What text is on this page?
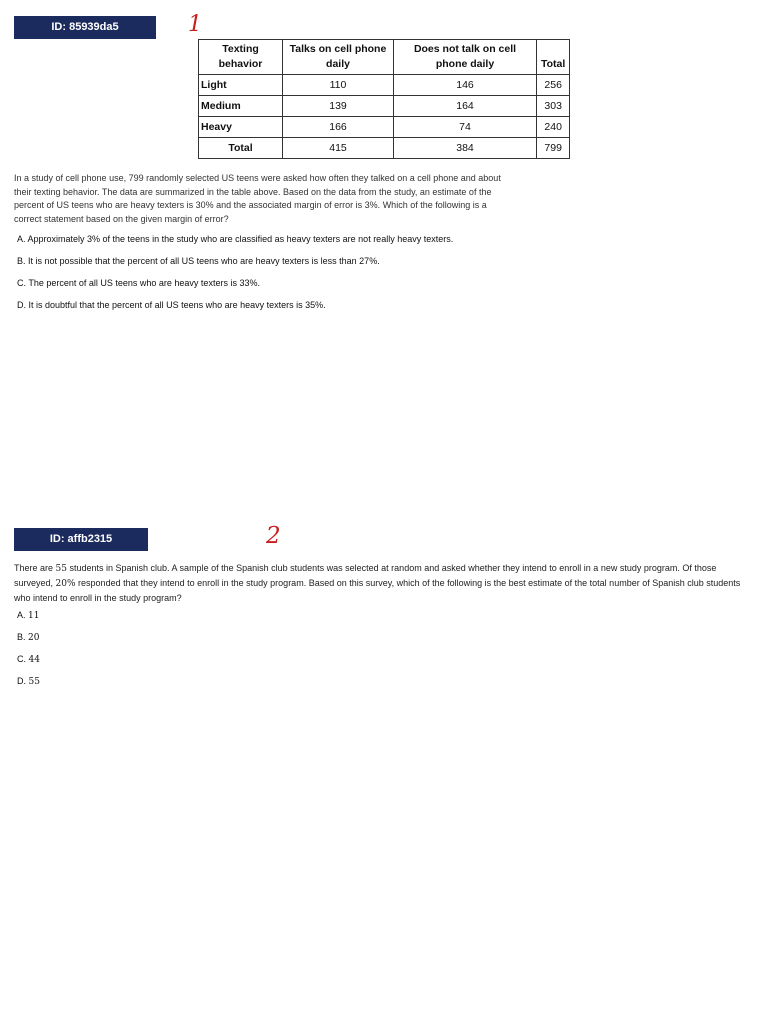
ID: 85939da5	1
Texting behavior	Talks on cell phone daily	Does not talk on cell phone daily	Total
Light	110	146	256
Medium	139	164	303
Heavy	166	74	240
Total	415	384	799
In a study of cell phone use, 799 randomly selected US teens were asked how often they talked on a cell phone and about their texting behavior. The data are summarized in the table above. Based on the data from the study, an estimate of the percent of US teens who are heavy texters is 30% and the associated margin of error is 3%. Which of the following is a correct statement based on the given margin of error?
A. Approximately 3% of the teens in the study who are classified as heavy texters are not really heavy texters.
B. It is not possible that the percent of all US teens who are heavy texters is less than 27%.
C. The percent of all US teens who are heavy texters is 33%.
D. It is doubtful that the percent of all US teens who are heavy texters is 35%.
ID: affb2315	2
There are 55 students in Spanish club. A sample of the Spanish club students was selected at random and asked whether they intend to enroll in a new study program. Of those surveyed, 20% responded that they intend to enroll in the study program. Based on this survey, which of the following is the best estimate of the total number of Spanish club students who intend to enroll in the study program?
A. 11
B. 20
C. 44
D. 55
